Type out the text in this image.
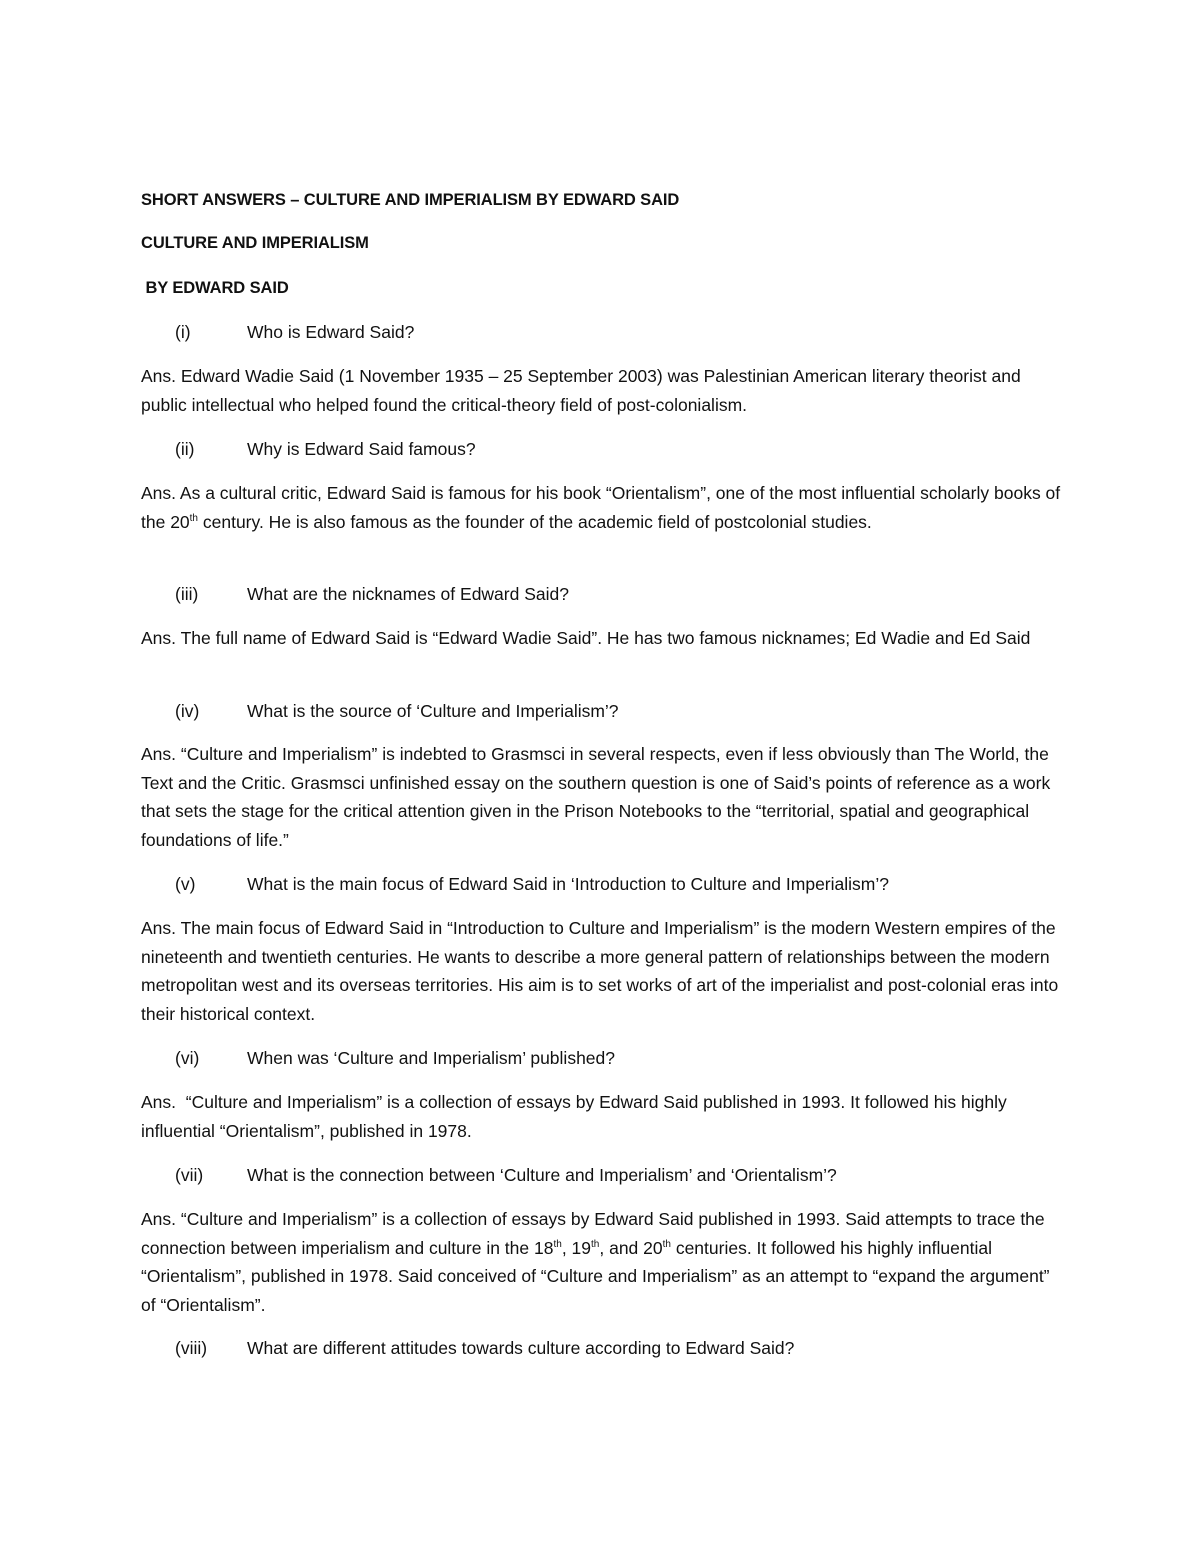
SHORT ANSWERS – CULTURE AND IMPERIALISM BY EDWARD SAID
CULTURE AND IMPERIALISM
BY EDWARD SAID
(i)	Who is Edward Said?

Ans. Edward Wadie Said (1 November 1935 – 25 September 2003) was Palestinian American literary theorist and public intellectual who helped found the critical-theory field of post-colonialism.

(ii)	Why is Edward Said famous?

Ans. As a cultural critic, Edward Said is famous for his book “Orientalism”, one of the most influential scholarly books of the 20th century. He is also famous as the founder of the academic field of postcolonial studies.

(iii)	What are the nicknames of Edward Said?

Ans. The full name of Edward Said is “Edward Wadie Said”. He has two famous nicknames; Ed Wadie and Ed Said

(iv)	What is the source of ‘Culture and Imperialism’?

Ans. “Culture and Imperialism” is indebted to Grasmsci in several respects, even if less obviously than The World, the Text and the Critic. Grasmsci unfinished essay on the southern question is one of Said’s points of reference as a work that sets the stage for the critical attention given in the Prison Notebooks to the “territorial, spatial and geographical foundations of life.”

(v)	What is the main focus of Edward Said in ‘Introduction to Culture and Imperialism’?

Ans. The main focus of Edward Said in “Introduction to Culture and Imperialism” is the modern Western empires of the nineteenth and twentieth centuries. He wants to describe a more general pattern of relationships between the modern metropolitan west and its overseas territories. His aim is to set works of art of the imperialist and post-colonial eras into their historical context.

(vi)	When was ‘Culture and Imperialism’ published?

Ans.  “Culture and Imperialism” is a collection of essays by Edward Said published in 1993. It followed his highly influential “Orientalism”, published in 1978.

(vii)	What is the connection between ‘Culture and Imperialism’ and ‘Orientalism’?

Ans. “Culture and Imperialism” is a collection of essays by Edward Said published in 1993. Said attempts to trace the connection between imperialism and culture in the 18th, 19th, and 20th centuries. It followed his highly influential “Orientalism”, published in 1978. Said conceived of “Culture and Imperialism” as an attempt to “expand the argument” of “Orientalism”.

(viii) What are different attitudes towards culture according to Edward Said?
